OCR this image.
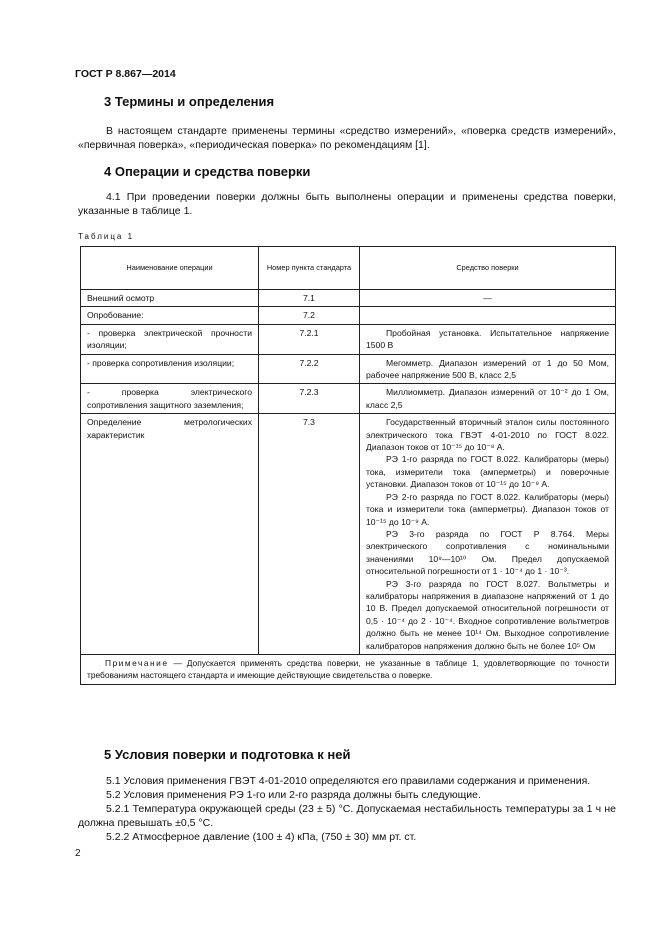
ГОСТ Р 8.867—2014
3 Термины и определения
В настоящем стандарте применены термины «средство измерений», «поверка средств измерений», «первичная поверка», «периодическая поверка» по рекомендациям [1].
4 Операции и средства поверки
4.1 При проведении поверки должны быть выполнены операции и применены средства поверки, указанные в таблице 1.
Таблица 1
Наименование операции	Номер пункта стандарта	Средство поверки
Внешний осмотр	7.1	—
Опробование:	7.2	
- проверка электрической прочности изоляции;	7.2.1	Пробойная установка. Испытательное напряжение 1500 В

- проверка сопротивления изоляции;	7.2.2	Мегомметр. Диапазон измерений от 1 до 50 Мом, рабочее напряжение 500 В, класс 2,5

- проверка электрического сопротивления защитного заземления;	7.2.3	Миллиомметр. Диапазон измерений от 10⁻² до 1 Ом, класс 2,5

Определение метрологических характеристик	7.3	Государственный вторичный эталон силы постоянного электрического тока ГВЭТ 4-01-2010 по ГОСТ 8.022. Диапазон токов от 10⁻¹⁵ до 10⁻⁸ А.
РЭ 1-го разряда по ГОСТ 8.022. Калибраторы (меры) тока, измерители тока (амперметры) и поверочные установки. Диапазон токов от 10⁻¹⁵ до 10⁻⁹ А.
РЭ 2-го разряда по ГОСТ 8.022. Калибраторы (меры) тока и измерители тока (амперметры). Диапазон токов от 10⁻¹⁵ до 10⁻⁹ А.
РЭ 3-го разряда по ГОСТ Р 8.764. Меры электрического сопротивления с номинальными значениями 10⁹—10¹⁰ Ом. Предел допускаемой относительной погрешности от 1 · 10⁻⁴ до 1 · 10⁻³.
РЭ 3-го разряда по ГОСТ 8.027. Вольтметры и калибраторы напряжения в диапазоне напряжений от 1 до 10 В. Предел допускаемой относительной погрешности от 0,5 · 10⁻⁴ до 2 · 10⁻⁴. Входное сопротивление вольтметров должно быть не менее 10¹⁴ Ом. Выходное сопротивление калибраторов напряжения должно быть не более 10⁵ Ом

Примечание — Допускается применять средства поверки, не указанные в таблице 1, удовлетворяющие по точности требованиям настоящего стандарта и имеющие действующие свидетельства о поверке.		
5 Условия поверки и подготовка к ней
5.1 Условия применения ГВЭТ 4-01-2010 определяются его правилами содержания и применения.
5.2 Условия применения РЭ 1-го или 2-го разряда должны быть следующие.
5.2.1 Температура окружающей среды (23 ± 5) °С. Допускаемая нестабильность температуры за 1 ч не должна превышать ±0,5 °С.
5.2.2 Атмосферное давление (100 ± 4) кПа, (750 ± 30) мм рт. ст.
2
